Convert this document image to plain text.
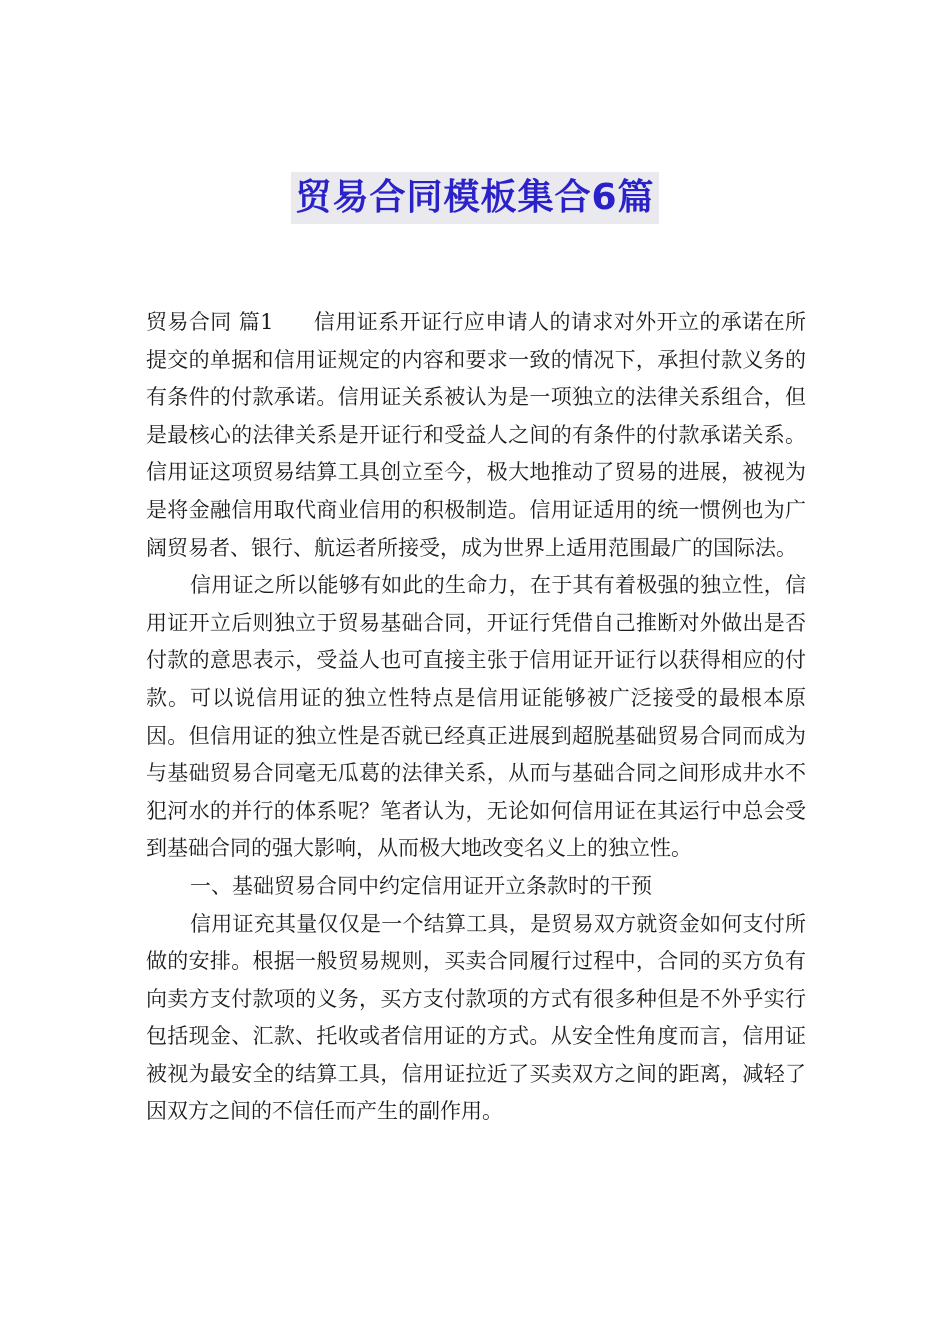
贸易合同模板集合6篇

贸易合同 篇1 信用证系开证行应申请人的请求对外开立的承诺在所提交的单据和信用证规定的内容和要求一致的情况下，承担付款义务的有条件的付款承诺。信用证关系被认为是一项独立的法律关系组合，但是最核心的法律关系是开证行和受益人之间的有条件的付款承诺关系。信用证这项贸易结算工具创立至今，极大地推动了贸易的进展，被视为是将金融信用取代商业信用的积极制造。信用证适用的统一惯例也为广阔贸易者、银行、航运者所接受，成为世界上适用范围最广的国际法。

信用证之所以能够有如此的生命力，在于其有着极强的独立性，信用证开立后则独立于贸易基础合同，开证行凭借自己推断对外做出是否付款的意思表示，受益人也可直接主张于信用证开证行以获得相应的付款。可以说信用证的独立性特点是信用证能够被广泛接受的最根本原因。但信用证的独立性是否就已经真正进展到超脱基础贸易合同而成为与基础贸易合同毫无瓜葛的法律关系，从而与基础合同之间形成井水不犯河水的并行的体系呢？笔者认为，无论如何信用证在其运行中总会受到基础合同的强大影响，从而极大地改变名义上的独立性。

一、基础贸易合同中约定信用证开立条款时的干预

信用证充其量仅仅是一个结算工具，是贸易双方就资金如何支付所做的安排。根据一般贸易规则，买卖合同履行过程中，合同的买方负有向卖方支付款项的义务，买方支付款项的方式有很多种但是不外乎实行包括现金、汇款、托收或者信用证的方式。从安全性角度而言，信用证被视为最安全的结算工具，信用证拉近了买卖双方之间的距离，减轻了因双方之间的不信任而产生的副作用。
